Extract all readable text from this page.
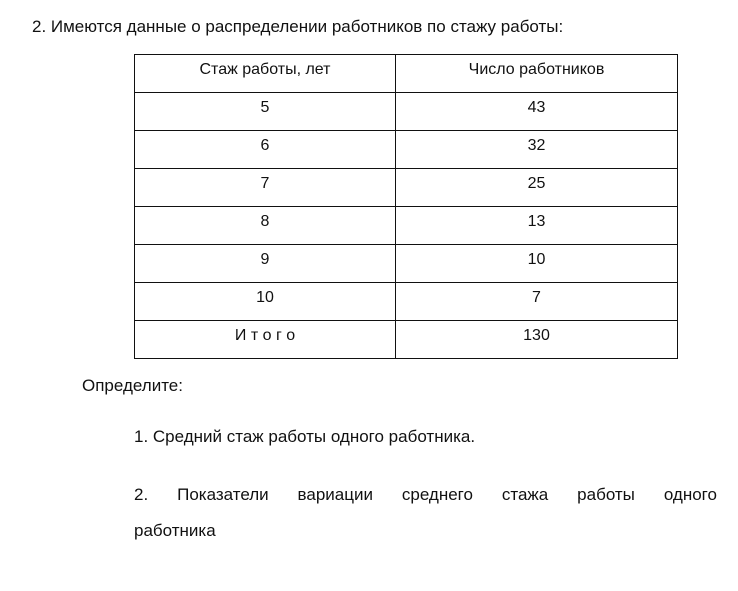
2. Имеются данные о распределении работников по стажу работы:
Стаж работы, лет	Число работников
5	43
6	32
7	25
8	13
9	10
10	7
И т о г о	130
Определите:
1. Средний стаж работы одного работника.
2. Показатели вариации среднего стажа работы одного
работника
